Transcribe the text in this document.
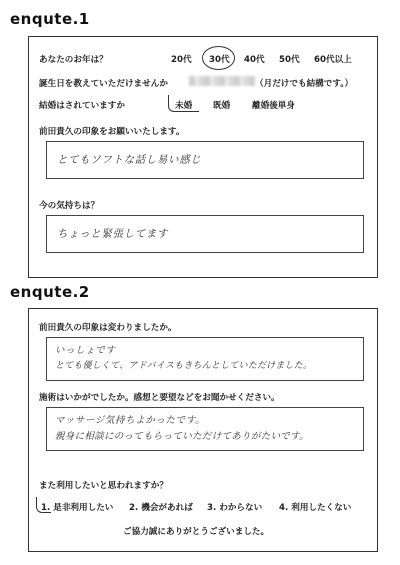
enqute.1
あなたのお年は？	20代 30代 40代 50代 60代以上
誕生日を教えていただけませんか	（月だけでも結構です。）
結婚はされていますか	未婚 既婚	離婚後単身
前田貴久の印象をお願いいたします。
とてもソフトな話し易い感じ
今の気持ちは？
ちょっと緊張してます
enqute.2
前田貴久の印象は変わりましたか。
いっしょです
とても優しくて、アドバイスもきちんとしていただけました。
施術はいかがでしたか。感想と要望などをお聞かせください。
マッサージ気持ちよかったです。
親身に相談にのってもらっていただけてありがたいです。
また利用したいと思われますか？
1. 是非利用したい 2. 機会があれば 3. わからない 4. 利用したくない
ご協力誠にありがとうございました。
